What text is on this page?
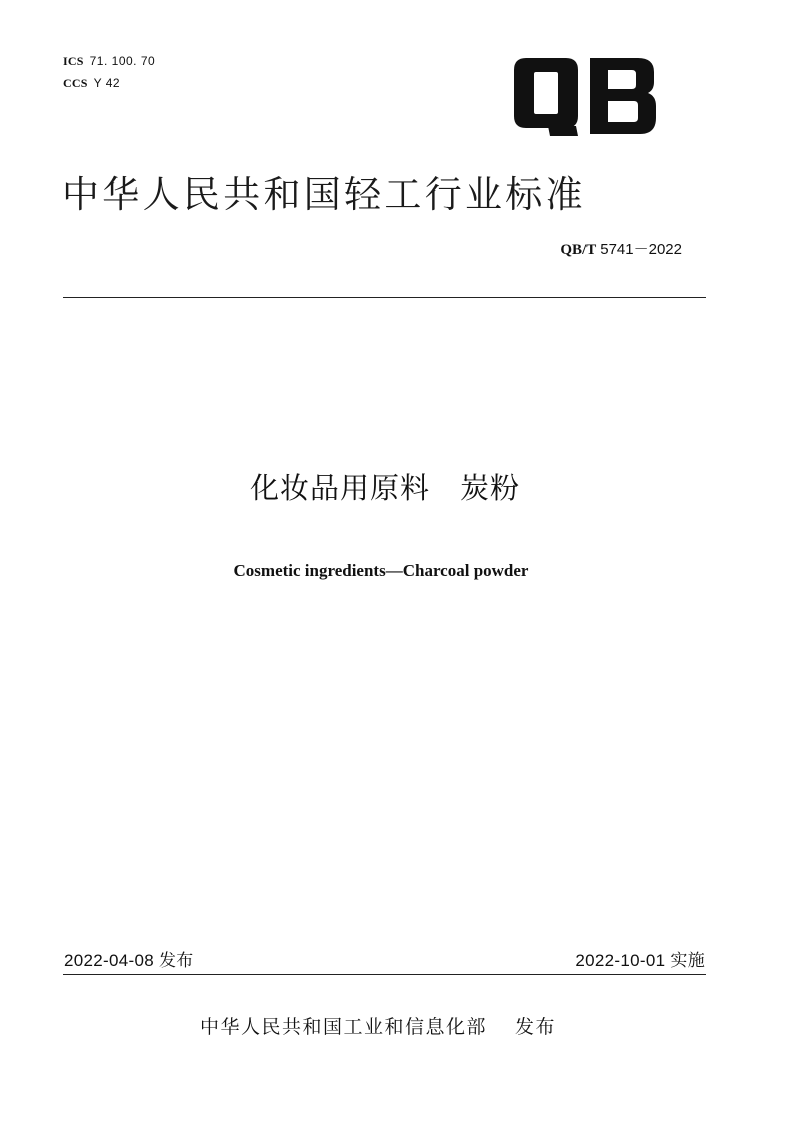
ICS 71. 100. 70
CCS Y 42
中华人民共和国轻工行业标准
QB/T 5741－2022
化妆品用原料　炭粉
Cosmetic ingredients—Charcoal powder
2022-04-08 发布	2022-10-01 实施
中华人民共和国工业和信息化部　 发布
